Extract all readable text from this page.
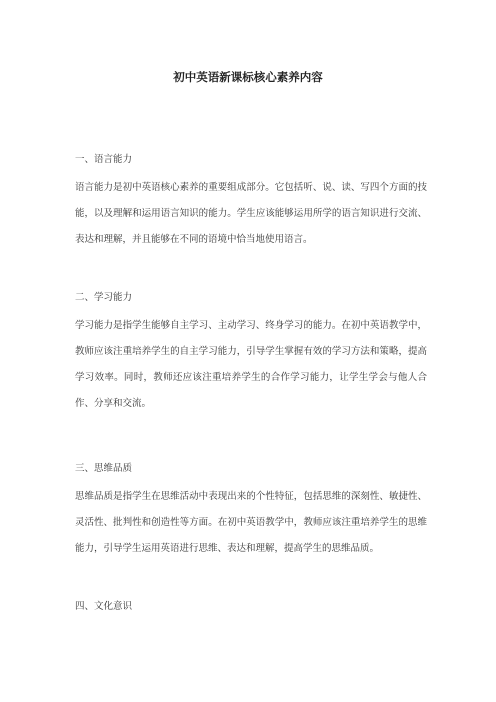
初中英语新课标核心素养内容

一、语言能力

语言能力是初中英语核心素养的重要组成部分。它包括听、说、读、写四个方面的技能，以及理解和运用语言知识的能力。学生应该能够运用所学的语言知识进行交流、表达和理解，并且能够在不同的语境中恰当地使用语言。

二、学习能力

学习能力是指学生能够自主学习、主动学习、终身学习的能力。在初中英语教学中，教师应该注重培养学生的自主学习能力，引导学生掌握有效的学习方法和策略，提高学习效率。同时，教师还应该注重培养学生的合作学习能力，让学生学会与他人合作、分享和交流。

三、思维品质

思维品质是指学生在思维活动中表现出来的个性特征，包括思维的深刻性、敏捷性、灵活性、批判性和创造性等方面。在初中英语教学中，教师应该注重培养学生的思维能力，引导学生运用英语进行思维、表达和理解，提高学生的思维品质。

四、文化意识
